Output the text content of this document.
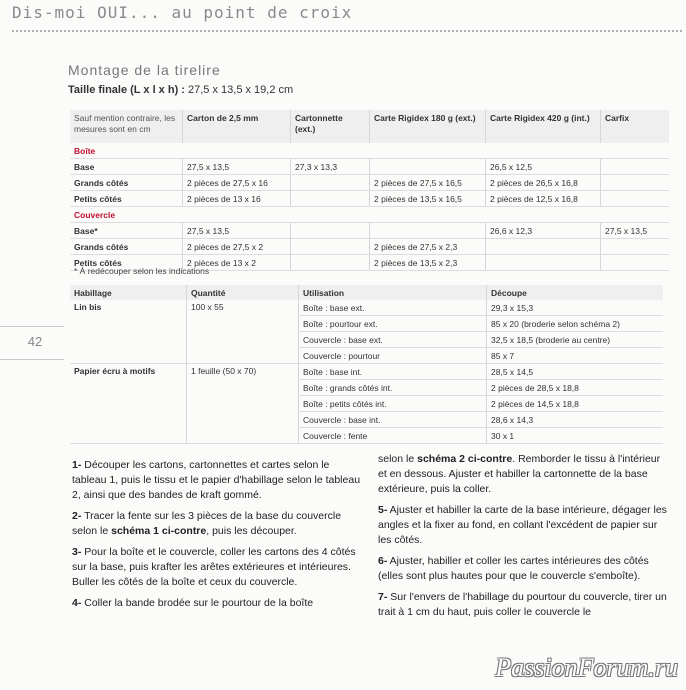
Dis-moi OUI... au point de croix
42
Montage de la tirelire
Taille finale (L x l x h) : 27,5 x 13,5 x 19,2 cm
Sauf mention contraire, les mesures sont en cm	Carton de 2,5 mm	Cartonnette (ext.)	Carte Rigidex 180 g (ext.)	Carte Rigidex 420 g (int.)	Carfix
Boîte					
Base	27,5 x 13,5	27,3 x 13,3		26,5 x 12,5	
Grands côtés	2 pièces de 27,5 x 16		2 pièces de 27,5 x 16,5	2 pièces de 26,5 x 16,8	
Petits côtés	2 pièces de 13 x 16		2 pièces de 13,5 x 16,5	2 pièces de 12,5 x 16,8	
Couvercle					
Base*	27,5 x 13,5			26,6 x 12,3	27,5 x 13,5
Grands côtés	2 pièces de 27,5 x 2		2 pièces de 27,5 x 2,3		
Petits côtés	2 pièces de 13 x 2		2 pièces de 13,5 x 2,3		
* À redécouper selon les indications
Habillage	Quantité	Utilisation	Découpe
Lin bis	100 x 55	Boîte : base ext.	29,3 x 15,3
		Boîte : pourtour ext.	85 x 20 (broderie selon schéma 2)
		Couvercle : base ext.	32,5 x 18,5 (broderie au centre)
		Couvercle : pourtour	85 x 7
Papier écru à motifs	1 feuille (50 x 70)	Boîte : base int.	28,5 x 14,5
		Boîte : grands côtés int.	2 pièces de 28,5 x 18,8
		Boîte : petits côtés int.	2 pièces de 14,5 x 18,8
		Couvercle : base int.	28,6 x 14,3
		Couvercle : fente	30 x 1

1- Découper les cartons, cartonnettes et cartes selon le tableau 1, puis le tissu et le papier d'habillage selon le tableau 2, ainsi que des bandes de kraft gommé.

2- Tracer la fente sur les 3 pièces de la base du couvercle selon le schéma 1 ci-contre, puis les découper.

3- Pour la boîte et le couvercle, coller les cartons des 4 côtés sur la base, puis krafter les arêtes extérieures et intérieures. Buller les côtés de la boîte et ceux du couvercle.

4- Coller la bande brodée sur le pourtour de la boîte

selon le schéma 2 ci-contre. Remborder le tissu à l'intérieur et en dessous. Ajuster et habiller la cartonnette de la base extérieure, puis la coller.

5- Ajuster et habiller la carte de la base intérieure, dégager les angles et la fixer au fond, en collant l'excédent de papier sur les côtés.

6- Ajuster, habiller et coller les cartes intérieures des côtés (elles sont plus hautes pour que le couvercle s'emboîte).

7- Sur l'envers de l'habillage du pourtour du couvercle, tirer un trait à 1 cm du haut, puis coller le couvercle le

PassionForum.ru
